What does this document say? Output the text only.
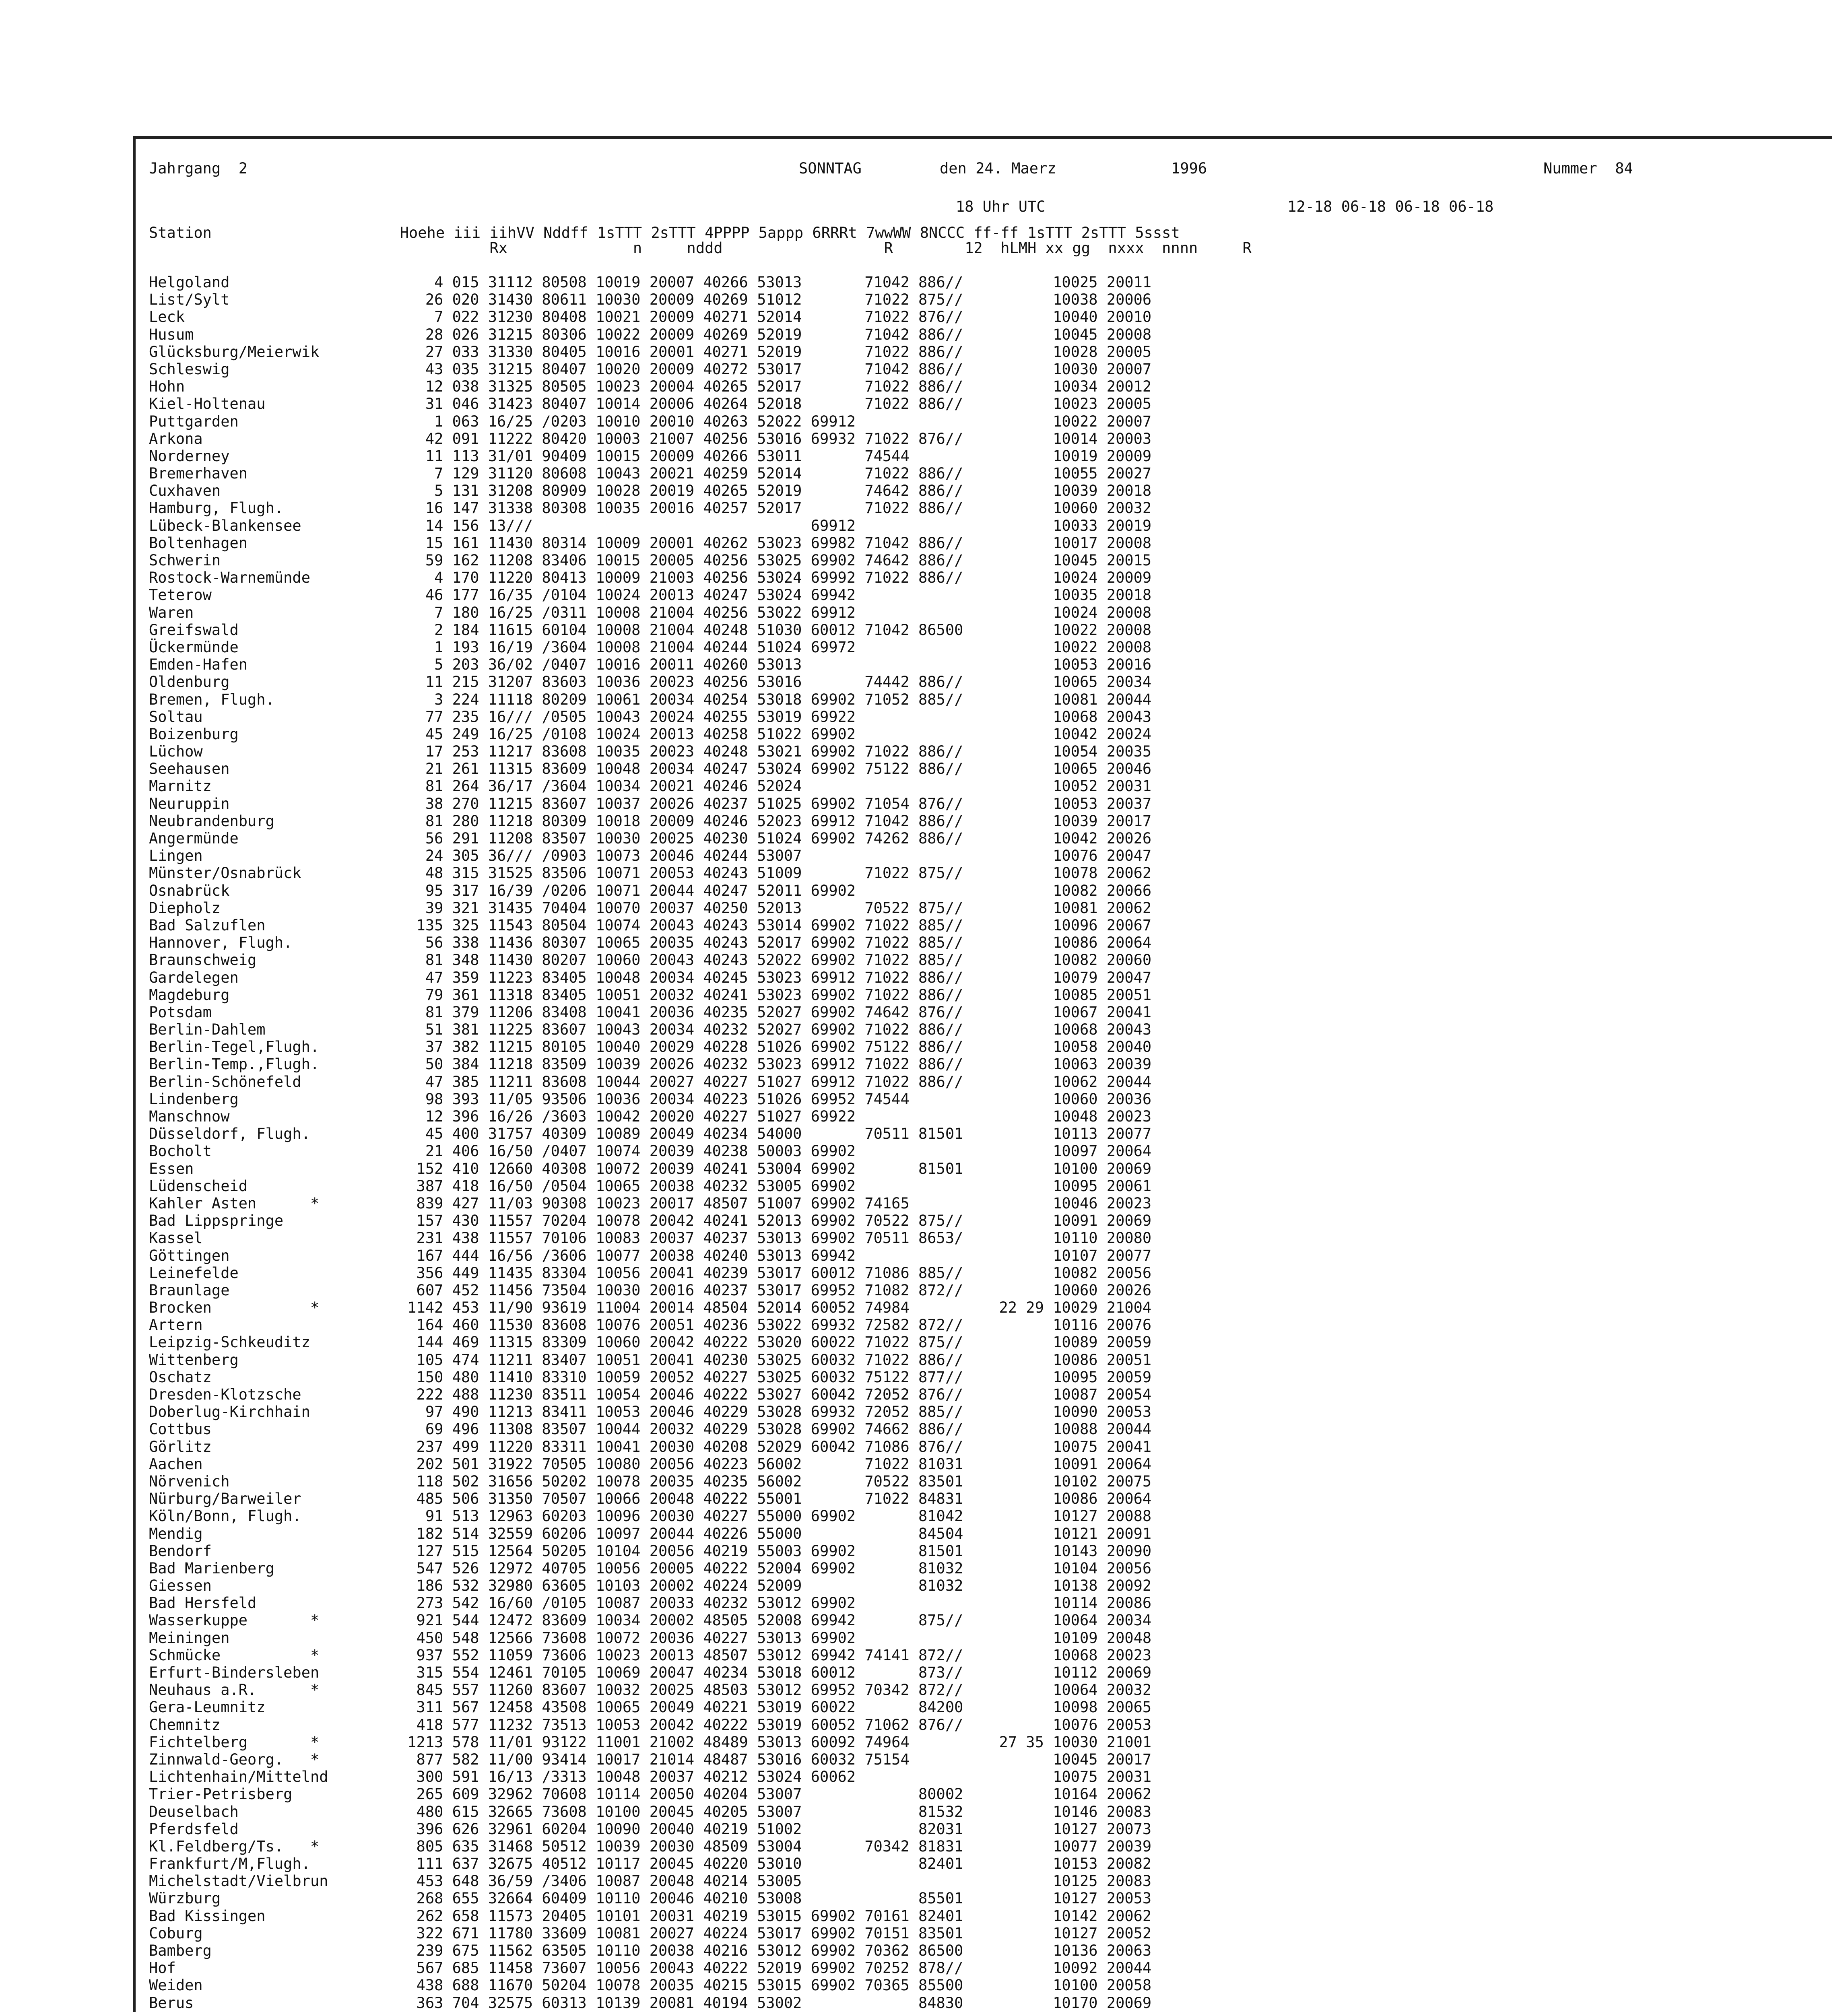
Jahrgang  2	SONNTAG	den 24. Maerz	1996	Nummer  84
18 Uhr UTC                           12-18 06-18 06-18 06-18
Station                     Hoehe iii iihVV Nddff 1sTTT 2sTTT 4PPPP 5appp 6RRRt 7wwWW 8NCCC ff-ff 1sTTT 2sTTT 5ssst
Rx              n     nddd                  R        12  hLMH xx gg  nxxx  nnnn     R
Helgoland	4 015 31112 80508 10019 20007 40266 53013       71042 886//          10025 20011
List/Sylt	26 020 31430 80611 10030 20009 40269 51012       71022 875//          10038 20006
Leck	7 022 31230 80408 10021 20009 40271 52014       71022 876//          10040 20010
Husum	28 026 31215 80306 10022 20009 40269 52019       71042 886//          10045 20008
Glücksburg/Meierwik	27 033 31330 80405 10016 20001 40271 52019       71022 886//          10028 20005
Schleswig	43 035 31215 80407 10020 20009 40272 53017       71042 886//          10030 20007
Hohn	12 038 31325 80505 10023 20004 40265 52017       71022 886//          10034 20012
Kiel-Holtenau	31 046 31423 80407 10014 20006 40264 52018       71022 886//          10023 20005
Puttgarden	1 063 16/25 /0203 10010 20010 40263 52022 69912                      10022 20007
Arkona	42 091 11222 80420 10003 21007 40256 53016 69932 71022 876//          10014 20003
Norderney	11 113 31/01 90409 10015 20009 40266 53011       74544                10019 20009
Bremerhaven	7 129 31120 80608 10043 20021 40259 52014       71022 886//          10055 20027
Cuxhaven	5 131 31208 80909 10028 20019 40265 52019       74642 886//          10039 20018
Hamburg, Flugh.	16 147 31338 80308 10035 20016 40257 52017       71022 886//          10060 20032
Lübeck-Blankensee	14 156 13///                               69912                      10033 20019
Boltenhagen	15 161 11430 80314 10009 20001 40262 53023 69982 71042 886//          10017 20008
Schwerin	59 162 11208 83406 10015 20005 40256 53025 69902 74642 886//          10045 20015
Rostock-Warnemünde	4 170 11220 80413 10009 21003 40256 53024 69992 71022 886//          10024 20009
Teterow	46 177 16/35 /0104 10024 20013 40247 53024 69942                      10035 20018
Waren	7 180 16/25 /0311 10008 21004 40256 53022 69912                      10024 20008
Greifswald	2 184 11615 60104 10008 21004 40248 51030 60012 71042 86500          10022 20008
Ückermünde	1 193 16/19 /3604 10008 21004 40244 51024 69972                      10022 20008
Emden-Hafen	5 203 36/02 /0407 10016 20011 40260 53013                            10053 20016
Oldenburg	11 215 31207 83603 10036 20023 40256 53016       74442 886//          10065 20034
Bremen, Flugh.	3 224 11118 80209 10061 20034 40254 53018 69902 71052 885//          10081 20044
Soltau	77 235 16/// /0505 10043 20024 40255 53019 69922                      10068 20043
Boizenburg	45 249 16/25 /0108 10024 20013 40258 51022 69902                      10042 20024
Lüchow	17 253 11217 83608 10035 20023 40248 53021 69902 71022 886//          10054 20035
Seehausen	21 261 11315 83609 10048 20034 40247 53024 69902 75122 886//          10065 20046
Marnitz	81 264 36/17 /3604 10034 20021 40246 52024                            10052 20031
Neuruppin	38 270 11215 83607 10037 20026 40237 51025 69902 71054 876//          10053 20037
Neubrandenburg	81 280 11218 80309 10018 20009 40246 52023 69912 71042 886//          10039 20017
Angermünde	56 291 11208 83507 10030 20025 40230 51024 69902 74262 886//          10042 20026
Lingen	24 305 36/// /0903 10073 20046 40244 53007                            10076 20047
Münster/Osnabrück	48 315 31525 83506 10071 20053 40243 51009       71022 875//          10078 20062
Osnabrück	95 317 16/39 /0206 10071 20044 40247 52011 69902                      10082 20066
Diepholz	39 321 31435 70404 10070 20037 40250 52013       70522 875//          10081 20062
Bad Salzuflen	135 325 11543 80504 10074 20043 40243 53014 69902 71022 885//          10096 20067
Hannover, Flugh.	56 338 11436 80307 10065 20035 40243 52017 69902 71022 885//          10086 20064
Braunschweig	81 348 11430 80207 10060 20043 40243 52022 69902 71022 885//          10082 20060
Gardelegen	47 359 11223 83405 10048 20034 40245 53023 69912 71022 886//          10079 20047
Magdeburg	79 361 11318 83405 10051 20032 40241 53023 69902 71022 886//          10085 20051
Potsdam	81 379 11206 83408 10041 20036 40235 52027 69902 74642 876//          10067 20041
Berlin-Dahlem	51 381 11225 83607 10043 20034 40232 52027 69902 71022 886//          10068 20043
Berlin-Tegel,Flugh.	37 382 11215 80105 10040 20029 40228 51026 69902 75122 886//          10058 20040
Berlin-Temp.,Flugh.	50 384 11218 83509 10039 20026 40232 53023 69912 71022 886//          10063 20039
Berlin-Schönefeld	47 385 11211 83608 10044 20027 40227 51027 69912 71022 886//          10062 20044
Lindenberg	98 393 11/05 93506 10036 20034 40223 51026 69952 74544                10060 20036
Manschnow	12 396 16/26 /3603 10042 20020 40227 51027 69922                      10048 20023
Düsseldorf, Flugh.	45 400 31757 40309 10089 20049 40234 54000       70511 81501          10113 20077
Bocholt	21 406 16/50 /0407 10074 20039 40238 50003 69902                      10097 20064
Essen	152 410 12660 40308 10072 20039 40241 53004 69902       81501          10100 20069
Lüdenscheid	387 418 16/50 /0504 10065 20038 40232 53005 69902                      10095 20061
Kahler Asten      *	839 427 11/03 90308 10023 20017 48507 51007 69902 74165                10046 20023
Bad Lippspringe	157 430 11557 70204 10078 20042 40241 52013 69902 70522 875//          10091 20069
Kassel	231 438 11557 70106 10083 20037 40237 53013 69902 70511 8653/          10110 20080
Göttingen	167 444 16/56 /3606 10077 20038 40240 53013 69942                      10107 20077
Leinefelde	356 449 11435 83304 10056 20041 40239 53017 60012 71086 885//          10082 20056
Braunlage	607 452 11456 73504 10030 20016 40237 53017 69952 71082 872//          10060 20026
Brocken           *	1142 453 11/90 93619 11004 20014 48504 52014 60052 74984          22 29 10029 21004
Artern	164 460 11530 83608 10076 20051 40236 53022 69932 72582 872//          10116 20076
Leipzig-Schkeuditz	144 469 11315 83309 10060 20042 40222 53020 60022 71022 875//          10089 20059
Wittenberg	105 474 11211 83407 10051 20041 40230 53025 60032 71022 886//          10086 20051
Oschatz	150 480 11410 83310 10059 20052 40227 53025 60032 75122 877//          10095 20059
Dresden-Klotzsche	222 488 11230 83511 10054 20046 40222 53027 60042 72052 876//          10087 20054
Doberlug-Kirchhain	97 490 11213 83411 10053 20046 40229 53028 69932 72052 885//          10090 20053
Cottbus	69 496 11308 83507 10044 20032 40229 53028 69902 74662 886//          10088 20044
Görlitz	237 499 11220 83311 10041 20030 40208 52029 60042 71086 876//          10075 20041
Aachen	202 501 31922 70505 10080 20056 40223 56002       71022 81031          10091 20064
Nörvenich	118 502 31656 50202 10078 20035 40235 56002       70522 83501          10102 20075
Nürburg/Barweiler	485 506 31350 70507 10066 20048 40222 55001       71022 84831          10086 20064
Köln/Bonn, Flugh.	91 513 12963 60203 10096 20030 40227 55000 69902       81042          10127 20088
Mendig	182 514 32559 60206 10097 20044 40226 55000             84504          10121 20091
Bendorf	127 515 12564 50205 10104 20056 40219 55003 69902       81501          10143 20090
Bad Marienberg	547 526 12972 40705 10056 20005 40222 52004 69902       81032          10104 20056
Giessen	186 532 32980 63605 10103 20002 40224 52009             81032          10138 20092
Bad Hersfeld	273 542 16/60 /0105 10087 20033 40232 53012 69902                      10114 20086
Wasserkuppe       *	921 544 12472 83609 10034 20002 48505 52008 69942       875//          10064 20034
Meiningen	450 548 12566 73608 10072 20036 40227 53013 69902                      10109 20048
Schmücke          *	937 552 11059 73606 10023 20013 48507 53012 69942 74141 872//          10068 20023
Erfurt-Bindersleben	315 554 12461 70105 10069 20047 40234 53018 60012       873//          10112 20069
Neuhaus a.R.      *	845 557 11260 83607 10032 20025 48503 53012 69952 70342 872//          10064 20032
Gera-Leumnitz	311 567 12458 43508 10065 20049 40221 53019 60022       84200          10098 20065
Chemnitz	418 577 11232 73513 10053 20042 40222 53019 60052 71062 876//          10076 20053
Fichtelberg       *	1213 578 11/01 93122 11001 21002 48489 53013 60092 74964          27 35 10030 21001
Zinnwald-Georg.   *	877 582 11/00 93414 10017 21014 48487 53016 60032 75154                10045 20017
Lichtenhain/Mittelnd	300 591 16/13 /3313 10048 20037 40212 53024 60062                      10075 20031
Trier-Petrisberg	265 609 32962 70608 10114 20050 40204 53007             80002          10164 20062
Deuselbach	480 615 32665 73608 10100 20045 40205 53007             81532          10146 20083
Pferdsfeld	396 626 32961 60204 10090 20040 40219 51002             82031          10127 20073
Kl.Feldberg/Ts.   *	805 635 31468 50512 10039 20030 48509 53004       70342 81831          10077 20039
Frankfurt/M,Flugh.	111 637 32675 40512 10117 20045 40220 53010             82401          10153 20082
Michelstadt/Vielbrun	453 648 36/59 /3406 10087 20048 40214 53005                            10125 20083
Würzburg	268 655 32664 60409 10110 20046 40210 53008             85501          10127 20053
Bad Kissingen	262 658 11573 20405 10101 20031 40219 53015 69902 70161 82401          10142 20062
Coburg	322 671 11780 33609 10081 20027 40224 53017 69902 70151 83501          10127 20052
Bamberg	239 675 11562 63505 10110 20038 40216 53012 69902 70362 86500          10136 20063
Hof	567 685 11458 73607 10056 20043 40222 52019 69902 70252 878//          10092 20044
Weiden	438 688 11670 50204 10078 20035 40215 53015 69902 70365 85500          10100 20058
Berus	363 704 32575 60313 10139 20081 40194 53002             84830          10170 20069
